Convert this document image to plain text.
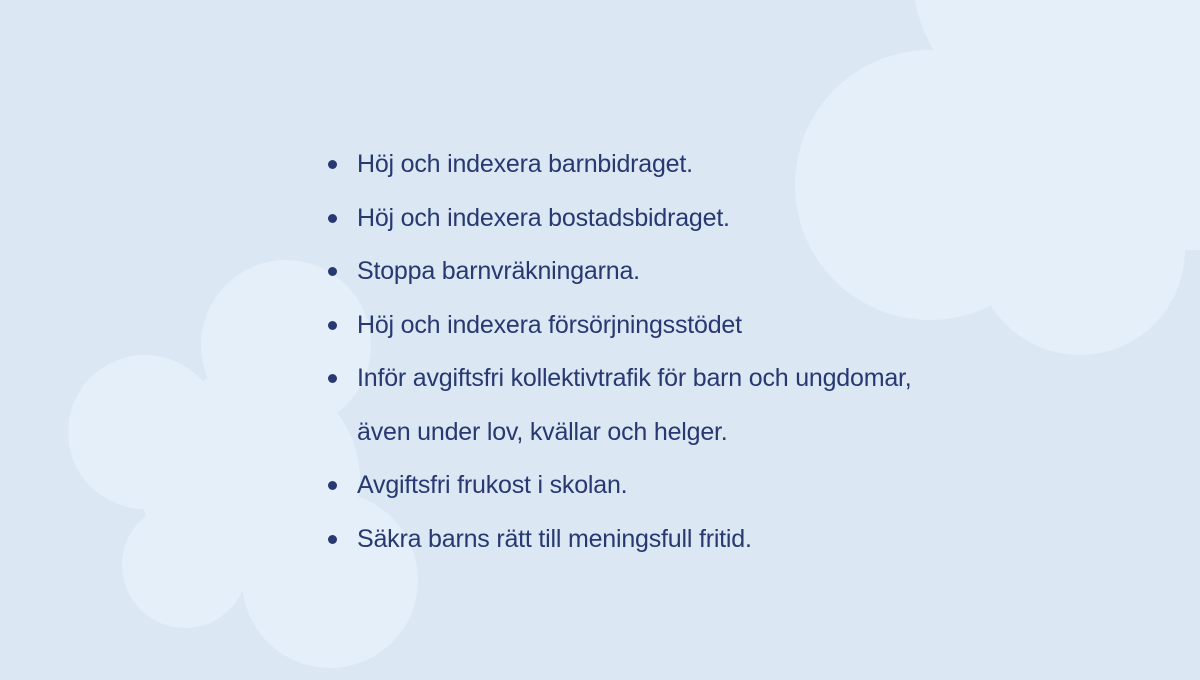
Höj och indexera barnbidraget.
Höj och indexera bostadsbidraget.
Stoppa barnvräkningarna.
Höj och indexera försörjningsstödet
Inför avgiftsfri kollektivtrafik för barn och ungdomar, även under lov, kvällar och helger.
Avgiftsfri frukost i skolan.
Säkra barns rätt till meningsfull fritid.
